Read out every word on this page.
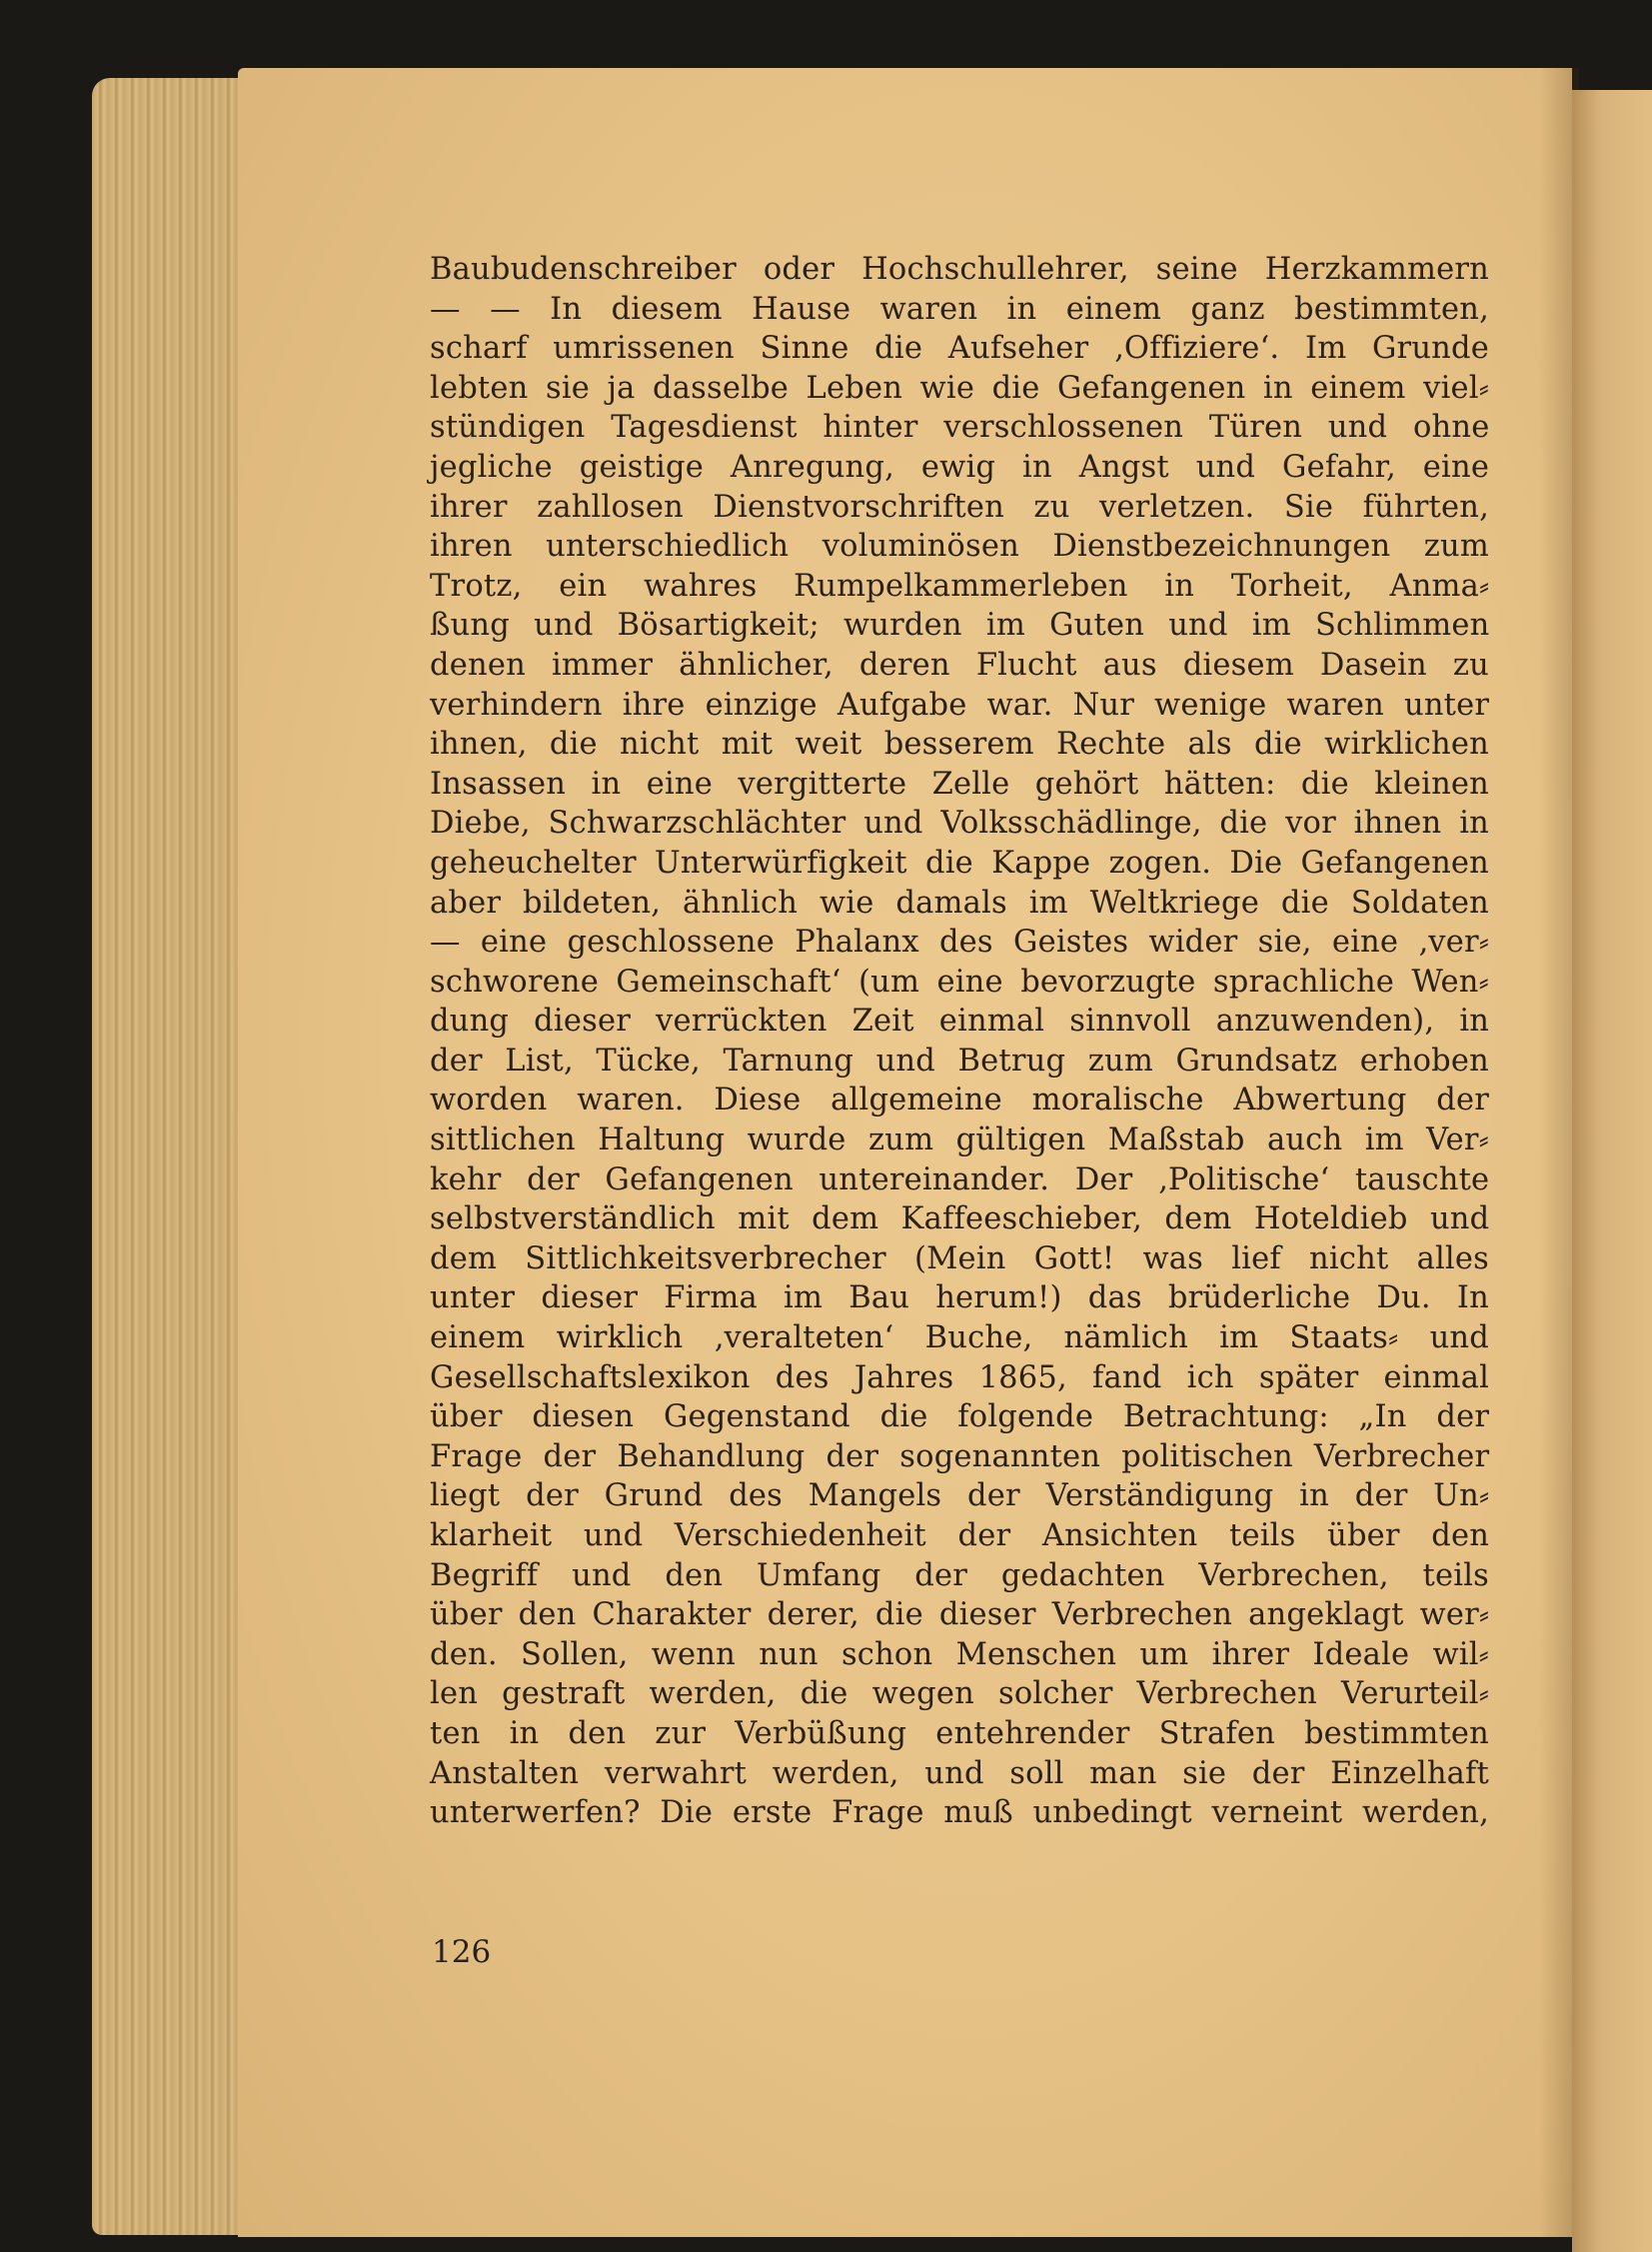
Baubudenschreiber oder Hochschullehrer, seine Herzkammern
— — In diesem Hause waren in einem ganz bestimmten,
scharf umrissenen Sinne die Aufseher ‚Offiziere‘. Im Grunde
lebten sie ja dasselbe Leben wie die Gefangenen in einem viel⸗
stündigen Tagesdienst hinter verschlossenen Türen und ohne
jegliche geistige Anregung, ewig in Angst und Gefahr, eine
ihrer zahllosen Dienstvorschriften zu verletzen. Sie führten,
ihren unterschiedlich voluminösen Dienstbezeichnungen zum
Trotz, ein wahres Rumpelkammerleben in Torheit, Anma⸗
ßung und Bösartigkeit; wurden im Guten und im Schlimmen
denen immer ähnlicher, deren Flucht aus diesem Dasein zu
verhindern ihre einzige Aufgabe war. Nur wenige waren unter
ihnen, die nicht mit weit besserem Rechte als die wirklichen
Insassen in eine vergitterte Zelle gehört hätten: die kleinen
Diebe, Schwarzschlächter und Volksschädlinge, die vor ihnen in
geheuchelter Unterwürfigkeit die Kappe zogen. Die Gefangenen
aber bildeten, ähnlich wie damals im Weltkriege die Soldaten
— eine geschlossene Phalanx des Geistes wider sie, eine ‚ver⸗
schworene Gemeinschaft‘ (um eine bevorzugte sprachliche Wen⸗
dung dieser verrückten Zeit einmal sinnvoll anzuwenden), in
der List, Tücke, Tarnung und Betrug zum Grundsatz erhoben
worden waren. Diese allgemeine moralische Abwertung der
sittlichen Haltung wurde zum gültigen Maßstab auch im Ver⸗
kehr der Gefangenen untereinander. Der ‚Politische‘ tauschte
selbstverständlich mit dem Kaffeeschieber, dem Hoteldieb und
dem Sittlichkeitsverbrecher (Mein Gott! was lief nicht alles
unter dieser Firma im Bau herum!) das brüderliche Du. In
einem wirklich ‚veralteten‘ Buche, nämlich im Staats⸗ und
Gesellschaftslexikon des Jahres 1865, fand ich später einmal
über diesen Gegenstand die folgende Betrachtung: „In der
Frage der Behandlung der sogenannten politischen Verbrecher
liegt der Grund des Mangels der Verständigung in der Un⸗
klarheit und Verschiedenheit der Ansichten teils über den
Begriff und den Umfang der gedachten Verbrechen, teils
über den Charakter derer, die dieser Verbrechen angeklagt wer⸗
den. Sollen, wenn nun schon Menschen um ihrer Ideale wil⸗
len gestraft werden, die wegen solcher Verbrechen Verurteil⸗
ten in den zur Verbüßung entehrender Strafen bestimmten
Anstalten verwahrt werden, und soll man sie der Einzelhaft
unterwerfen? Die erste Frage muß unbedingt verneint werden,
126
